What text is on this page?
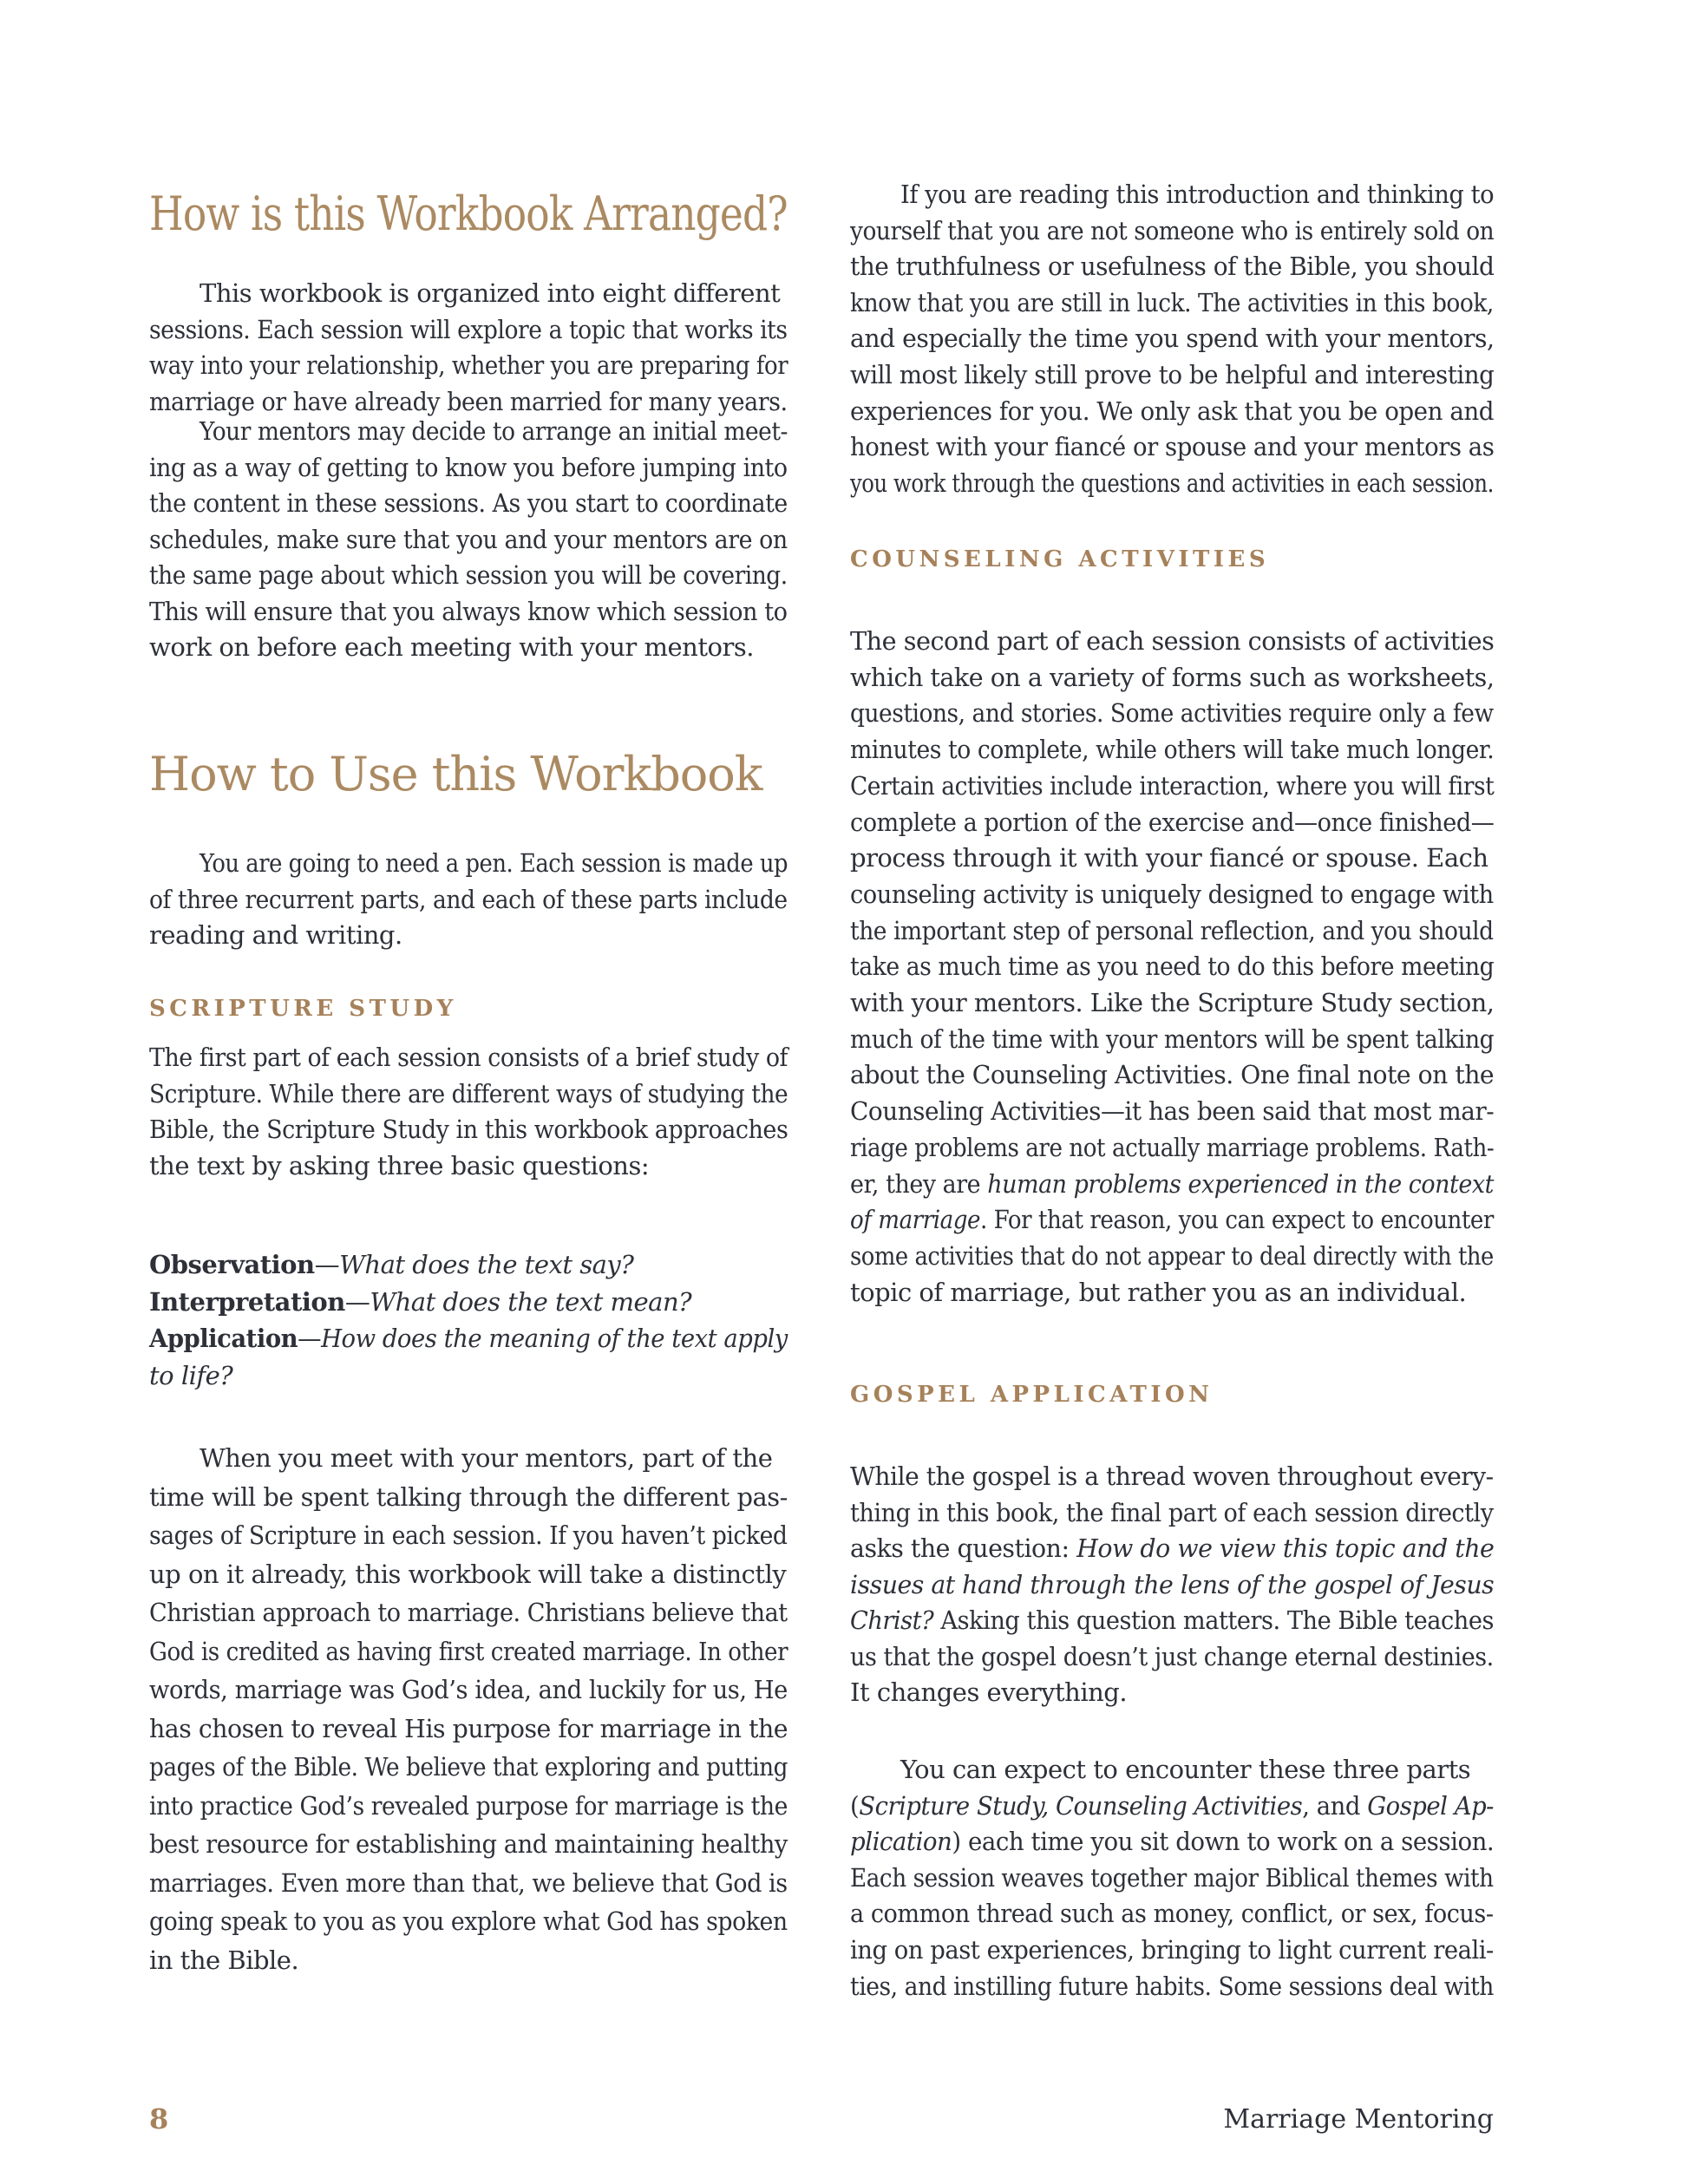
How is this Workbook Arranged?
This workbook is organized into eight different
sessions. Each session will explore a topic that works its
way into your relationship, whether you are preparing for
marriage or have already been married for many years.
Your mentors may decide to arrange an initial meet-
ing as a way of getting to know you before jumping into
the content in these sessions. As you start to coordinate
schedules, make sure that you and your mentors are on
the same page about which session you will be covering.
This will ensure that you always know which session to
work on before each meeting with your mentors.
How to Use this Workbook
You are going to need a pen. Each session is made up
of three recurrent parts, and each of these parts include
reading and writing.
SCRIPTURE STUDY
The first part of each session consists of a brief study of
Scripture. While there are different ways of studying the
Bible, the Scripture Study in this workbook approaches
the text by asking three basic questions:
Observation—What does the text say?
Interpretation—What does the text mean?
Application—How does the meaning of the text apply
to life?
When you meet with your mentors, part of the
time will be spent talking through the different pas-
sages of Scripture in each session. If you haven’t picked
up on it already, this workbook will take a distinctly
Christian approach to marriage. Christians believe that
God is credited as having first created marriage. In other
words, marriage was God’s idea, and luckily for us, He
has chosen to reveal His purpose for marriage in the
pages of the Bible. We believe that exploring and putting
into practice God’s revealed purpose for marriage is the
best resource for establishing and maintaining healthy
marriages. Even more than that, we believe that God is
going speak to you as you explore what God has spoken
in the Bible.
If you are reading this introduction and thinking to
yourself that you are not someone who is entirely sold on
the truthfulness or usefulness of the Bible, you should
know that you are still in luck. The activities in this book,
and especially the time you spend with your mentors,
will most likely still prove to be helpful and interesting
experiences for you. We only ask that you be open and
honest with your fiancé or spouse and your mentors as
you work through the questions and activities in each session.
COUNSELING ACTIVITIES
The second part of each session consists of activities
which take on a variety of forms such as worksheets,
questions, and stories. Some activities require only a few
minutes to complete, while others will take much longer.
Certain activities include interaction, where you will first
complete a portion of the exercise and—once finished—
process through it with your fiancé or spouse. Each
counseling activity is uniquely designed to engage with
the important step of personal reflection, and you should
take as much time as you need to do this before meeting
with your mentors. Like the Scripture Study section,
much of the time with your mentors will be spent talking
about the Counseling Activities. One final note on the
Counseling Activities—it has been said that most mar-
riage problems are not actually marriage problems. Rath-
er, they are human problems experienced in the context
of marriage. For that reason, you can expect to encounter
some activities that do not appear to deal directly with the
topic of marriage, but rather you as an individual.
GOSPEL APPLICATION
While the gospel is a thread woven throughout every-
thing in this book, the final part of each session directly
asks the question: How do we view this topic and the
issues at hand through the lens of the gospel of Jesus
Christ? Asking this question matters. The Bible teaches
us that the gospel doesn’t just change eternal destinies.
It changes everything.
You can expect to encounter these three parts
(Scripture Study, Counseling Activities, and Gospel Ap-
plication) each time you sit down to work on a session.
Each session weaves together major Biblical themes with
a common thread such as money, conflict, or sex, focus-
ing on past experiences, bringing to light current reali-
ties, and instilling future habits. Some sessions deal with
8	Marriage Mentoring
